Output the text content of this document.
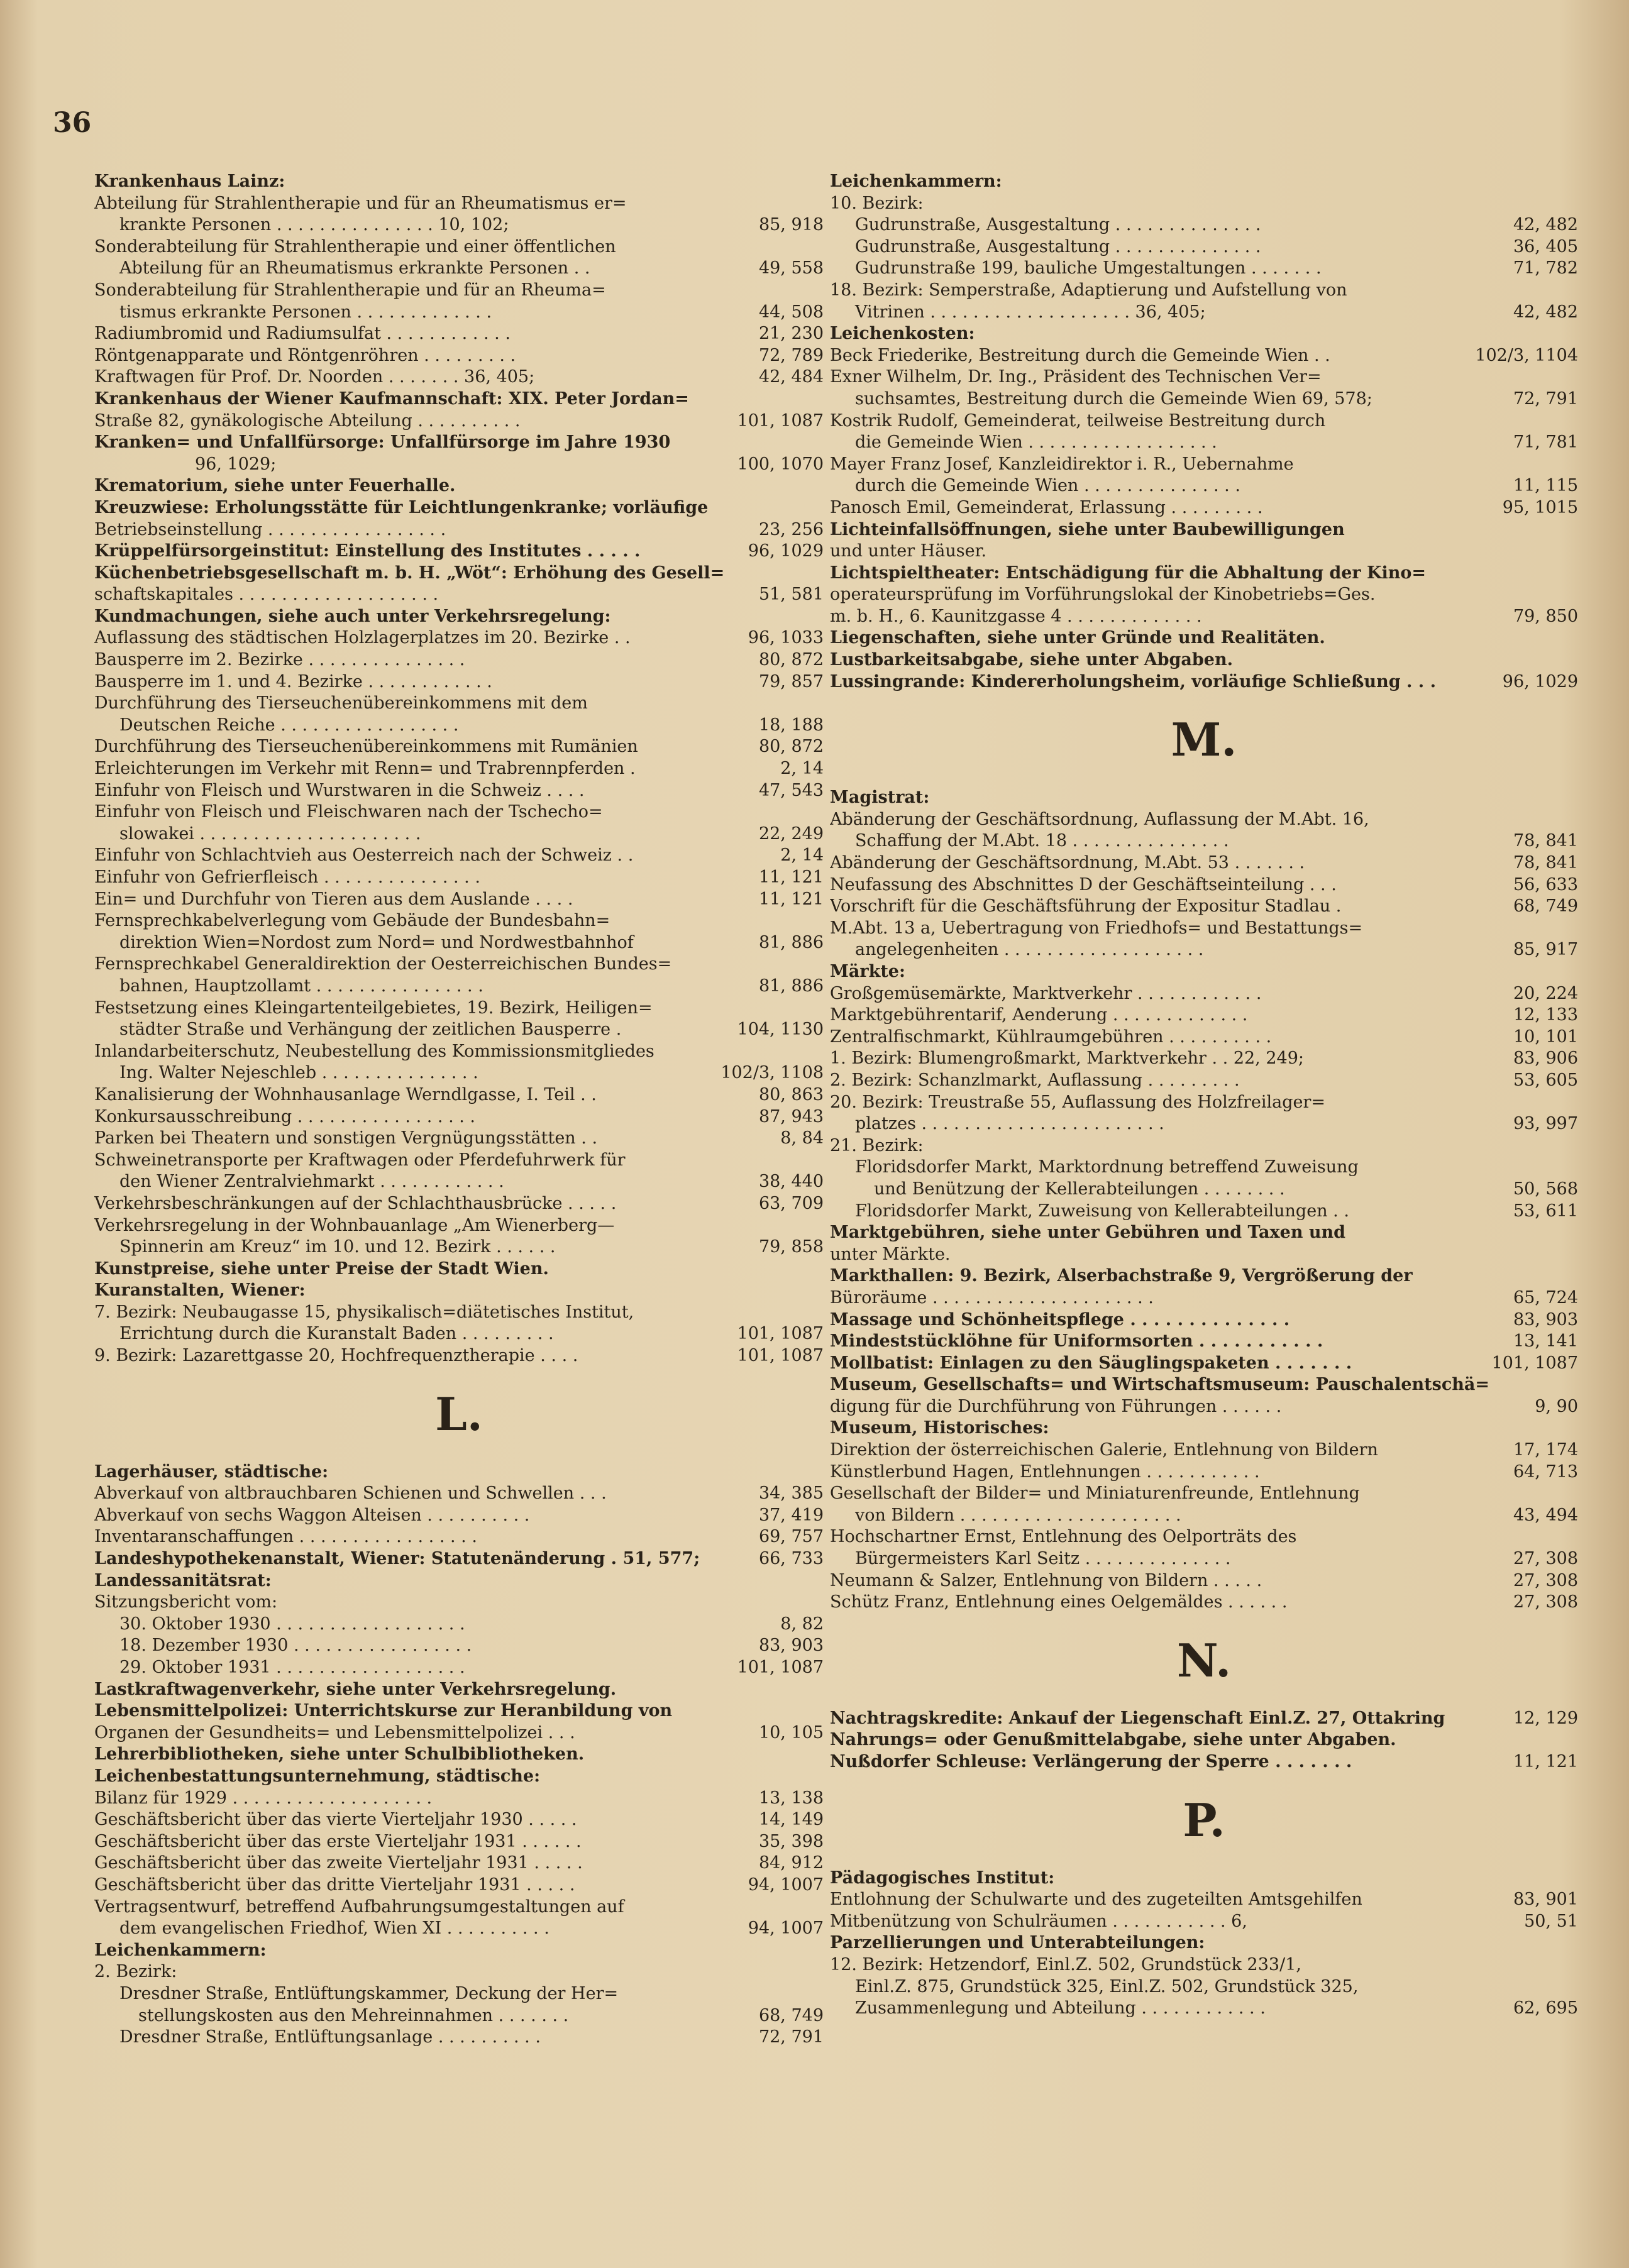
36
Krankenhaus Lainz:
Abteilung für Strahlentherapie und für an Rheumatismus er=
krankte Personen . . . . . . . . . . . . . . . 10, 102;	85, 918
Sonderabteilung für Strahlentherapie und einer öffentlichen
Abteilung für an Rheumatismus erkrankte Personen . .	49, 558
Sonderabteilung für Strahlentherapie und für an Rheuma=
tismus erkrankte Personen . . . . . . . . . . . . .	44, 508
Radiumbromid und Radiumsulfat . . . . . . . . . . . .	21, 230
Röntgenapparate und Röntgenröhren . . . . . . . . .	72, 789
Kraftwagen für Prof. Dr. Noorden . . . . . . . 36, 405;	42, 484
Krankenhaus der Wiener Kaufmannschaft: XIX. Peter Jordan=
Straße 82, gynäkologische Abteilung . . . . . . . . . .	101, 1087
Kranken= und Unfallfürsorge: Unfallfürsorge im Jahre 1930
96, 1029;	100, 1070
Krematorium, siehe unter Feuerhalle.
Kreuzwiese: Erholungsstätte für Leichtlungenkranke; vorläufige
Betriebseinstellung . . . . . . . . . . . . . . . . .	23, 256
Krüppelfürsorgeinstitut: Einstellung des Institutes . . . . .	96, 1029
Küchenbetriebsgesellschaft m. b. H. „Wöt“: Erhöhung des Gesell=
schaftskapitales . . . . . . . . . . . . . . . . . . .	51, 581
Kundmachungen, siehe auch unter Verkehrsregelung:
Auflassung des städtischen Holzlagerplatzes im 20. Bezirke . .	96, 1033
Bausperre im 2. Bezirke . . . . . . . . . . . . . . .	80, 872
Bausperre im 1. und 4. Bezirke . . . . . . . . . . . .	79, 857
Durchführung des Tierseuchenübereinkommens mit dem
Deutschen Reiche . . . . . . . . . . . . . . . . .	18, 188
Durchführung des Tierseuchenübereinkommens mit Rumänien	80, 872
Erleichterungen im Verkehr mit Renn= und Trabrennpferden .	2, 14
Einfuhr von Fleisch und Wurstwaren in die Schweiz . . . .	47, 543
Einfuhr von Fleisch und Fleischwaren nach der Tschecho=
slowakei . . . . . . . . . . . . . . . . . . . . .	22, 249
Einfuhr von Schlachtvieh aus Oesterreich nach der Schweiz . .	2, 14
Einfuhr von Gefrierfleisch . . . . . . . . . . . . . . .	11, 121
Ein= und Durchfuhr von Tieren aus dem Auslande . . . .	11, 121
Fernsprechkabelverlegung vom Gebäude der Bundesbahn=
direktion Wien=Nordost zum Nord= und Nordwestbahnhof	81, 886
Fernsprechkabel Generaldirektion der Oesterreichischen Bundes=
bahnen, Hauptzollamt . . . . . . . . . . . . . . . .	81, 886
Festsetzung eines Kleingartenteilgebietes, 19. Bezirk, Heiligen=
städter Straße und Verhängung der zeitlichen Bausperre .	104, 1130
Inlandarbeiterschutz, Neubestellung des Kommissionsmitgliedes
Ing. Walter Nejeschleb . . . . . . . . . . . . . . .	102/3, 1108
Kanalisierung der Wohnhausanlage Werndlgasse, I. Teil . .	80, 863
Konkursausschreibung . . . . . . . . . . . . . . . . .	87, 943
Parken bei Theatern und sonstigen Vergnügungsstätten . .	8, 84
Schweinetransporte per Kraftwagen oder Pferdefuhrwerk für
den Wiener Zentralviehmarkt . . . . . . . . . . . .	38, 440
Verkehrsbeschränkungen auf der Schlachthausbrücke . . . . .	63, 709
Verkehrsregelung in der Wohnbauanlage „Am Wienerberg—
Spinnerin am Kreuz“ im 10. und 12. Bezirk . . . . . .	79, 858
Kunstpreise, siehe unter Preise der Stadt Wien.
Kuranstalten, Wiener:
7. Bezirk: Neubaugasse 15, physikalisch=diätetisches Institut,
Errichtung durch die Kuranstalt Baden . . . . . . . . .	101, 1087
9. Bezirk: Lazarettgasse 20, Hochfrequenztherapie . . . .	101, 1087
L.
Lagerhäuser, städtische:
Abverkauf von altbrauchbaren Schienen und Schwellen . . .	34, 385
Abverkauf von sechs Waggon Alteisen . . . . . . . . . .	37, 419
Inventaranschaffungen . . . . . . . . . . . . . . . . .	69, 757
Landeshypothekenanstalt, Wiener: Statutenänderung . 51, 577;	66, 733
Landessanitätsrat:
Sitzungsbericht vom:
30. Oktober 1930 . . . . . . . . . . . . . . . . . .	8, 82
18. Dezember 1930 . . . . . . . . . . . . . . . . .	83, 903
29. Oktober 1931 . . . . . . . . . . . . . . . . . .	101, 1087
Lastkraftwagenverkehr, siehe unter Verkehrsregelung.
Lebensmittelpolizei: Unterrichtskurse zur Heranbildung von
Organen der Gesundheits= und Lebensmittelpolizei . . .	10, 105
Lehrerbibliotheken, siehe unter Schulbibliotheken.
Leichenbestattungsunternehmung, städtische:
Bilanz für 1929 . . . . . . . . . . . . . . . . . . .	13, 138
Geschäftsbericht über das vierte Vierteljahr 1930 . . . . .	14, 149
Geschäftsbericht über das erste Vierteljahr 1931 . . . . . .	35, 398
Geschäftsbericht über das zweite Vierteljahr 1931 . . . . .	84, 912
Geschäftsbericht über das dritte Vierteljahr 1931 . . . . .	94, 1007
Vertragsentwurf, betreffend Aufbahrungsumgestaltungen auf
dem evangelischen Friedhof, Wien XI . . . . . . . . . .	94, 1007
Leichenkammern:
2. Bezirk:
Dresdner Straße, Entlüftungskammer, Deckung der Her=
stellungskosten aus den Mehreinnahmen . . . . . . .	68, 749
Dresdner Straße, Entlüftungsanlage . . . . . . . . . .	72, 791
Leichenkammern:
10. Bezirk:
Gudrunstraße, Ausgestaltung . . . . . . . . . . . . . .	42, 482
Gudrunstraße, Ausgestaltung . . . . . . . . . . . . . .	36, 405
Gudrunstraße 199, bauliche Umgestaltungen . . . . . . .	71, 782
18. Bezirk: Semperstraße, Adaptierung und Aufstellung von
Vitrinen . . . . . . . . . . . . . . . . . . . 36, 405;	42, 482
Leichenkosten:
Beck Friederike, Bestreitung durch die Gemeinde Wien . .	102/3, 1104
Exner Wilhelm, Dr. Ing., Präsident des Technischen Ver=
suchsamtes, Bestreitung durch die Gemeinde Wien 69, 578;	72, 791
Kostrik Rudolf, Gemeinderat, teilweise Bestreitung durch
die Gemeinde Wien . . . . . . . . . . . . . . . . . .	71, 781
Mayer Franz Josef, Kanzleidirektor i. R., Uebernahme
durch die Gemeinde Wien . . . . . . . . . . . . . . .	11, 115
Panosch Emil, Gemeinderat, Erlassung . . . . . . . . .	95, 1015
Lichteinfallsöffnungen, siehe unter Baubewilligungen
und unter Häuser.
Lichtspieltheater: Entschädigung für die Abhaltung der Kino=
operateursprüfung im Vorführungslokal der Kinobetriebs=Ges.
m. b. H., 6. Kaunitzgasse 4 . . . . . . . . . . . . .	79, 850
Liegenschaften, siehe unter Gründe und Realitäten.
Lustbarkeitsabgabe, siehe unter Abgaben.
Lussingrande: Kindererholungsheim, vorläufige Schließung . . .	96, 1029
M.
Magistrat:
Abänderung der Geschäftsordnung, Auflassung der M.Abt. 16,
Schaffung der M.Abt. 18 . . . . . . . . . . . . . . .	78, 841
Abänderung der Geschäftsordnung, M.Abt. 53 . . . . . . .	78, 841
Neufassung des Abschnittes D der Geschäftseinteilung . . .	56, 633
Vorschrift für die Geschäftsführung der Expositur Stadlau .	68, 749
M.Abt. 13 a, Uebertragung von Friedhofs= und Bestattungs=
angelegenheiten . . . . . . . . . . . . . . . . . . .	85, 917
Märkte:
Großgemüsemärkte, Marktverkehr . . . . . . . . . . . .	20, 224
Marktgebührentarif, Aenderung . . . . . . . . . . . . .	12, 133
Zentralfischmarkt, Kühlraumgebühren . . . . . . . . . .	10, 101
1. Bezirk: Blumengroßmarkt, Marktverkehr . . 22, 249;	83, 906
2. Bezirk: Schanzlmarkt, Auflassung . . . . . . . . .	53, 605
20. Bezirk: Treustraße 55, Auflassung des Holzfreilager=
platzes . . . . . . . . . . . . . . . . . . . . . . .	93, 997
21. Bezirk:
Floridsdorfer Markt, Marktordnung betreffend Zuweisung
und Benützung der Kellerabteilungen . . . . . . . .	50, 568
Floridsdorfer Markt, Zuweisung von Kellerabteilungen . .	53, 611
Marktgebühren, siehe unter Gebühren und Taxen und
unter Märkte.
Markthallen: 9. Bezirk, Alserbachstraße 9, Vergrößerung der
Büroräume . . . . . . . . . . . . . . . . . . . . .	65, 724
Massage und Schönheitspflege . . . . . . . . . . . . . .	83, 903
Mindeststücklöhne für Uniformsorten . . . . . . . . . . .	13, 141
Mollbatist: Einlagen zu den Säuglingspaketen . . . . . . .	101, 1087
Museum, Gesellschafts= und Wirtschaftsmuseum: Pauschalentschä=
digung für die Durchführung von Führungen . . . . . .	9, 90
Museum, Historisches:
Direktion der österreichischen Galerie, Entlehnung von Bildern	17, 174
Künstlerbund Hagen, Entlehnungen . . . . . . . . . . .	64, 713
Gesellschaft der Bilder= und Miniaturenfreunde, Entlehnung
von Bildern . . . . . . . . . . . . . . . . . . . . .	43, 494
Hochschartner Ernst, Entlehnung des Oelporträts des
Bürgermeisters Karl Seitz . . . . . . . . . . . . . .	27, 308
Neumann & Salzer, Entlehnung von Bildern . . . . .	27, 308
Schütz Franz, Entlehnung eines Oelgemäldes . . . . . .	27, 308
N.
Nachtragskredite: Ankauf der Liegenschaft Einl.Z. 27, Ottakring	12, 129
Nahrungs= oder Genußmittelabgabe, siehe unter Abgaben.
Nußdorfer Schleuse: Verlängerung der Sperre . . . . . . .	11, 121
P.
Pädagogisches Institut:
Entlohnung der Schulwarte und des zugeteilten Amtsgehilfen	83, 901
Mitbenützung von Schulräumen . . . . . . . . . . . 6,	50, 51
Parzellierungen und Unterabteilungen:
12. Bezirk: Hetzendorf, Einl.Z. 502, Grundstück 233/1,
Einl.Z. 875, Grundstück 325, Einl.Z. 502, Grundstück 325,
Zusammenlegung und Abteilung . . . . . . . . . . . .	62, 695
